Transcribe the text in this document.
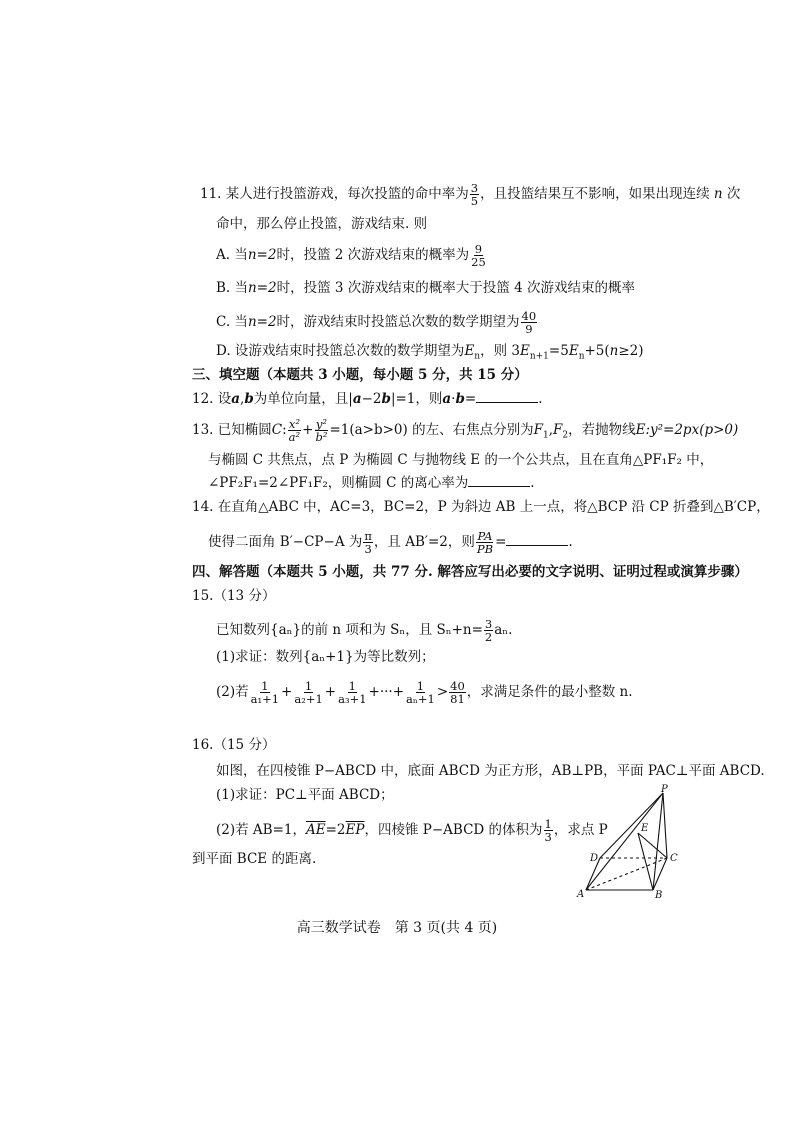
11. 某人进行投篮游戏，每次投篮的命中率为 $\frac{3}{5}$ ，且投篮结果互不影响，如果出现连续 n 次
命中，那么停止投篮，游戏结束. 则
A. 当n=2时，投篮 2 次游戏结束的概率为 $\frac{9}{25}$
B. 当n=2时，投篮 3 次游戏结束的概率大于投篮 4 次游戏结束的概率
C. 当n=2时，游戏结束时投篮总次数的数学期望为 $\frac{40}{9}$
D. 设游戏结束时投篮总次数的数学期望为$E_n$，则 $3E_{n+1}=5E_n+5(n\ge 2)$
三、填空题（本题共 3 小题，每小题 5 分，共 15 分）
12. 设a,b为单位向量，且|a−2b|=1，则a·b=	.
13. 已知椭圆C: $\frac{\text{x²}}{\text{a²}} + \frac{\text{y²}}{\text{b²}} =1(a>b>0)$ 的左、右焦点分别为$F_1,F_2$，若抛物线E:y²=2px(p>0)
与椭圆 C 共焦点，点 P 为椭圆 C 与抛物线 E 的一个公共点，且在直角△PF₁F₂ 中，
∠PF₂F₁=2∠PF₁F₂，则椭圆 C 的离心率为	.
14. 在直角△ABC 中，AC=3，BC=2，P 为斜边 AB 上一点，将△BCP 沿 CP 折叠到△B′CP，
使得二面角 B′−CP−A 为 $\frac{\pi}{3}$ ，且 AB′=2，则 $\frac{PA}{PB}$ =	.
四、解答题（本题共 5 小题，共 77 分. 解答应写出必要的文字说明、证明过程或演算步骤）
15.（13 分）
已知数列{aₙ}的前 n 项和为 Sₙ，且 $S_n+n= \frac{3}{2} a_n$.
(1)求证：数列{aₙ+1}为等比数列；
(2)若 $\frac{1}{\text{a₁+1}} + \frac{1}{\text{a₂+1}} + \frac{1}{\text{a₃+1}}$ +···+ $\frac{1}{\text{aₙ+1}} > \frac{40}{81}$ ，求满足条件的最小整数 n.
16.（15 分）
如图，在四棱锥 P−ABCD 中，底面 ABCD 为正方形，AB⊥PB，平面 PAC⊥平面 ABCD.
(1)求证：PC⊥平面 ABCD；
(2)若 AB=1，$\overline{AE}=2\overline{EP}$，四棱锥 P−ABCD 的体积为 $\frac{1}{3}$ ，求点 P
到平面 BCE 的距离.
P
E
D	C
A	B
高三数学试卷　第 3 页(共 4 页)
